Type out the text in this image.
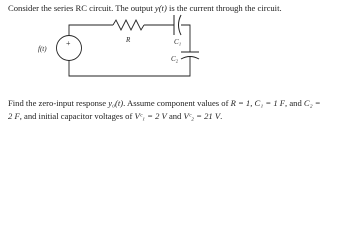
Consider the series RC circuit. The output y(t) is the current through the circuit.
f(t)
+	R	C₁
C₂
Find the zero-input response y₀(t). Assume component values of R = 1, C₁ = 1 F, and C₂ =
2 F, and initial capacitor voltages of Vᶜ₁ = 2 V and Vᶜ₂ = 21 V.
